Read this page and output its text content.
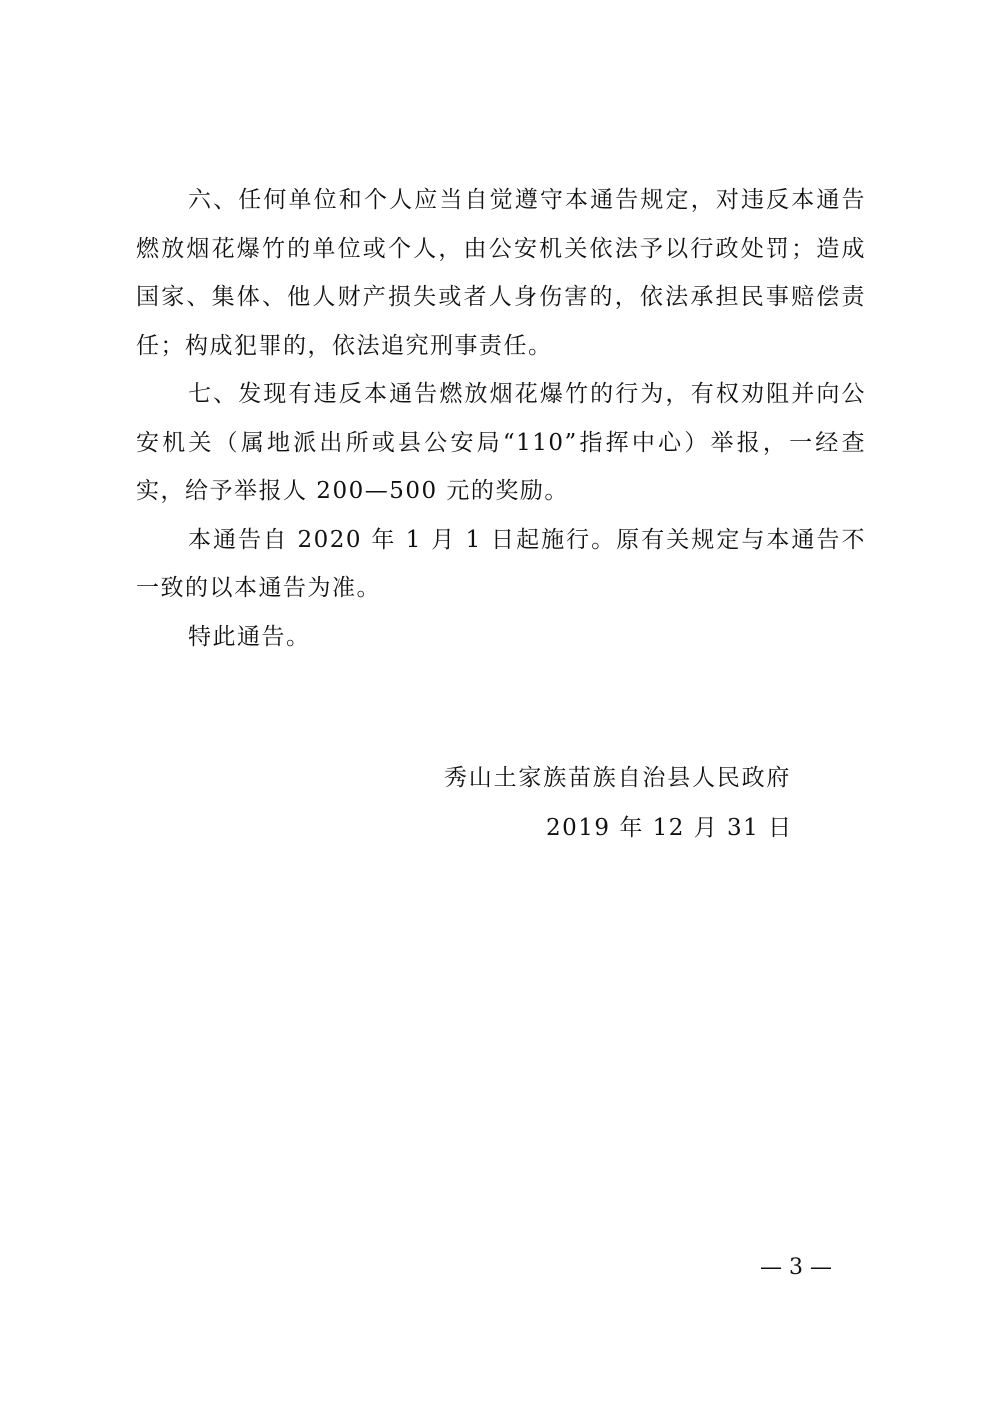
六、任何单位和个人应当自觉遵守本通告规定，对违反本通告燃放烟花爆竹的单位或个人，由公安机关依法予以行政处罚；造成国家、集体、他人财产损失或者人身伤害的，依法承担民事赔偿责任；构成犯罪的，依法追究刑事责任。

七、发现有违反本通告燃放烟花爆竹的行为，有权劝阻并向公安机关（属地派出所或县公安局“110”指挥中心）举报，一经查实，给予举报人 200—500 元的奖励。

本通告自 2020 年 1 月 1 日起施行。原有关规定与本通告不一致的以本通告为准。

特此通告。

秀山土家族苗族自治县人民政府

2019 年 12 月 31 日

— 3 —
